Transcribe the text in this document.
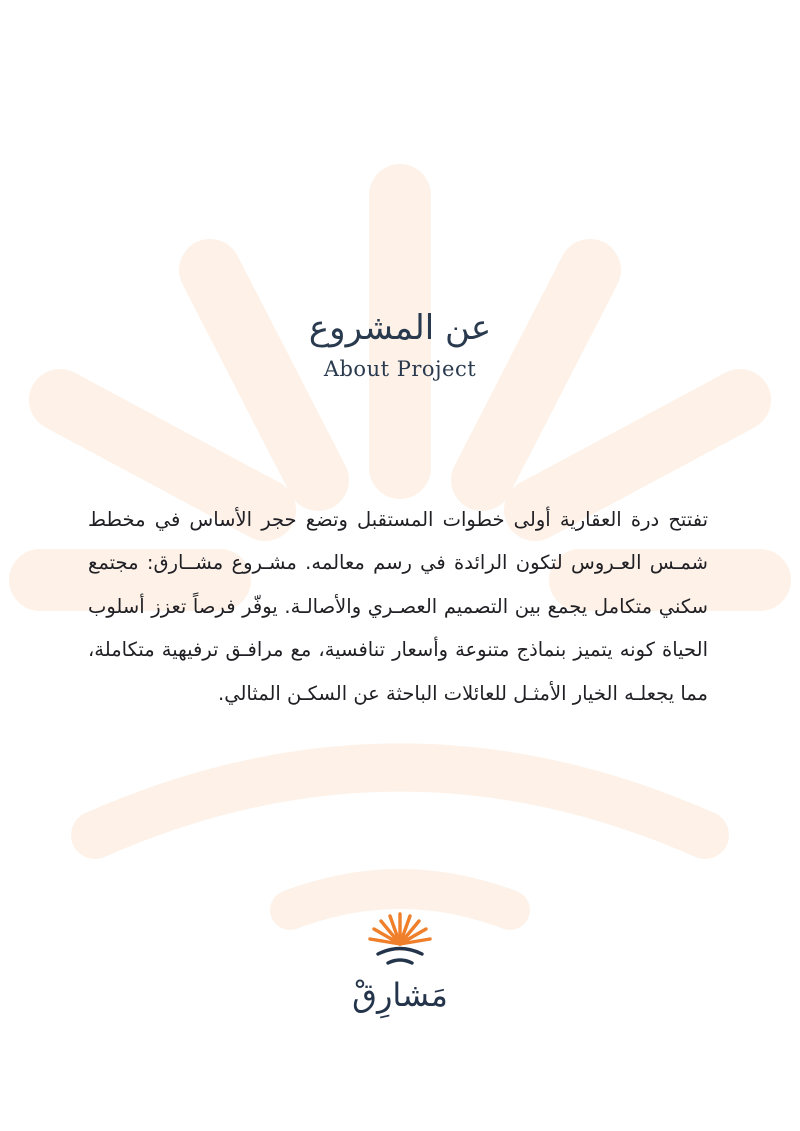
عن المشروع
About Project

تفتتح درة العقارية أولى خطوات المستقبل وتضع حجر الأساس في مخطط شمـس العـروس لتكون الرائدة في رسم معالمه. مشـروع مشــارق: مجتمع سكني متكامل يجمع بين التصميم العصـري والأصالـة. يوفّر فرصاً تعزز أسلوب الحياة كونه يتميز بنماذج متنوعة وأسعار تنافسية، مع مرافـق ترفيهية متكاملة، مما يجعلـه الخيار الأمثـل للعائلات الباحثة عن السكـن المثالي.

مَشارِقْ
